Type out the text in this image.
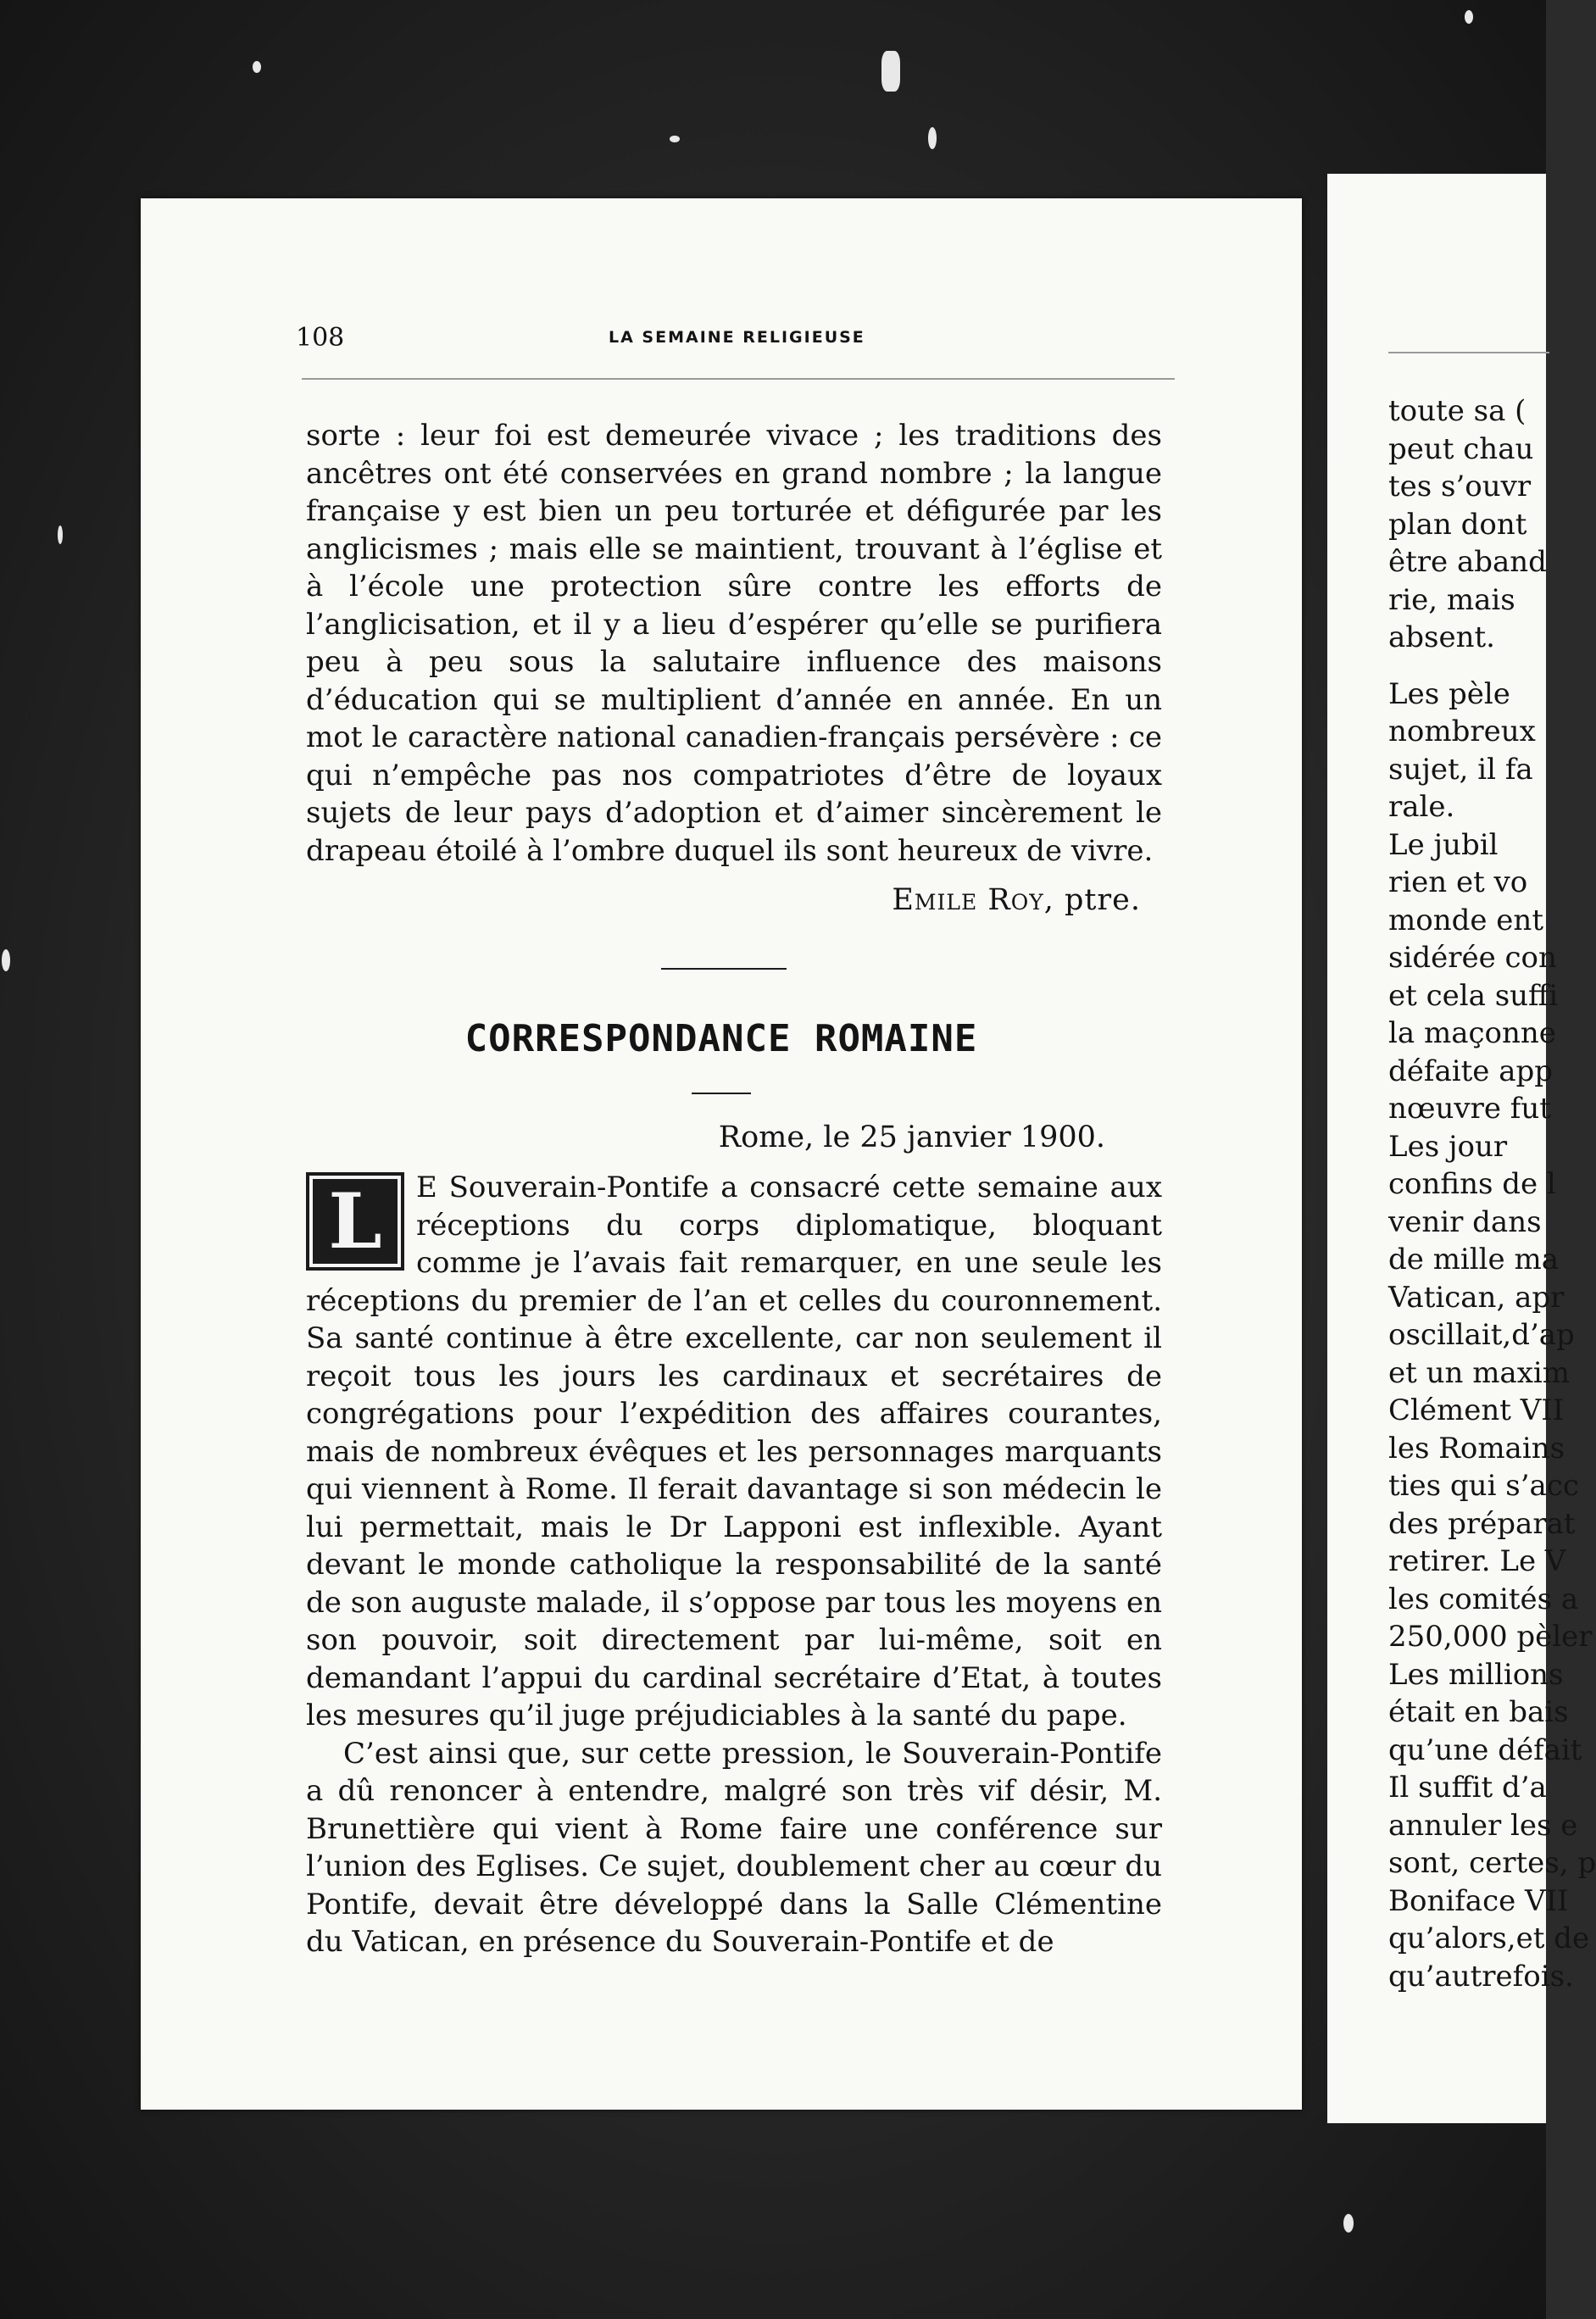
108	LA SEMAINE RELIGIEUSE

sorte : leur foi est demeurée vivace ; les traditions des ancêtres ont été conservées en grand nombre ; la langue française y est bien un peu torturée et défigurée par les anglicismes ; mais elle se maintient, trouvant à l’église et à l’école une protection sûre contre les efforts de l’anglicisation, et il y a lieu d’espérer qu’elle se purifiera peu à peu sous la salutaire influence des maisons d’éducation qui se multiplient d’année en année. En un mot le caractère national canadien-français persévère : ce qui n’empêche pas nos compatriotes d’être de loyaux sujets de leur pays d’adoption et d’aimer sincèrement le drapeau étoilé à l’ombre duquel ils sont heureux de vivre.

Emile Roy, ptre.
CORRESPONDANCE ROMAINE
Rome, le 25 janvier 1900.

L	E Souverain-Pontife a consacré cette semaine aux réceptions du corps diplomatique, bloquant comme je l’avais fait remarquer, en une seule les réceptions du premier de l’an et celles du couronnement. Sa santé continue à être excellente, car non seulement il reçoit tous les jours les cardinaux et secrétaires de congrégations pour l’expédition des affaires courantes, mais de nombreux évêques et les personnages marquants qui viennent à Rome. Il ferait davantage si son médecin le lui permettait, mais le Dr Lapponi est inflexible. Ayant devant le monde catholique la responsabilité de la santé de son auguste malade, il s’oppose par tous les moyens en son pouvoir, soit directement par lui-même, soit en demandant l’appui du cardinal secrétaire d’Etat, à toutes les mesures qu’il juge préjudiciables à la santé du pape.

C’est ainsi que, sur cette pression, le Souverain-Pontife a dû renoncer à entendre, malgré son très vif désir, M. Brunettière qui vient à Rome faire une conférence sur l’union des Eglises. Ce sujet, doublement cher au cœur du Pontife, devait être développé dans la Salle Clémentine du Vatican, en présence du Souverain-Pontife et de

toute sa (
peut chau
tes s’ouvr
plan dont
être aband
rie, mais
absent.
Les pèle
nombreux
sujet, il fa
rale.
Le jubil
rien et vo
monde ent
sidérée con
et cela suffi
la maçonne
défaite app
nœuvre fut
Les jour
confins de l
venir dans
de mille ma
Vatican, apr
oscillait,d’ap
et un maxim
Clément VII
les Romains
ties qui s’acc
des préparat
retirer. Le V
les comités a
250,000 pèler
Les millions
était en bais
qu’une défait
Il suffit d’a
annuler les e
sont, certes, p
Boniface VII
qu’alors,et de
qu’autrefois.
